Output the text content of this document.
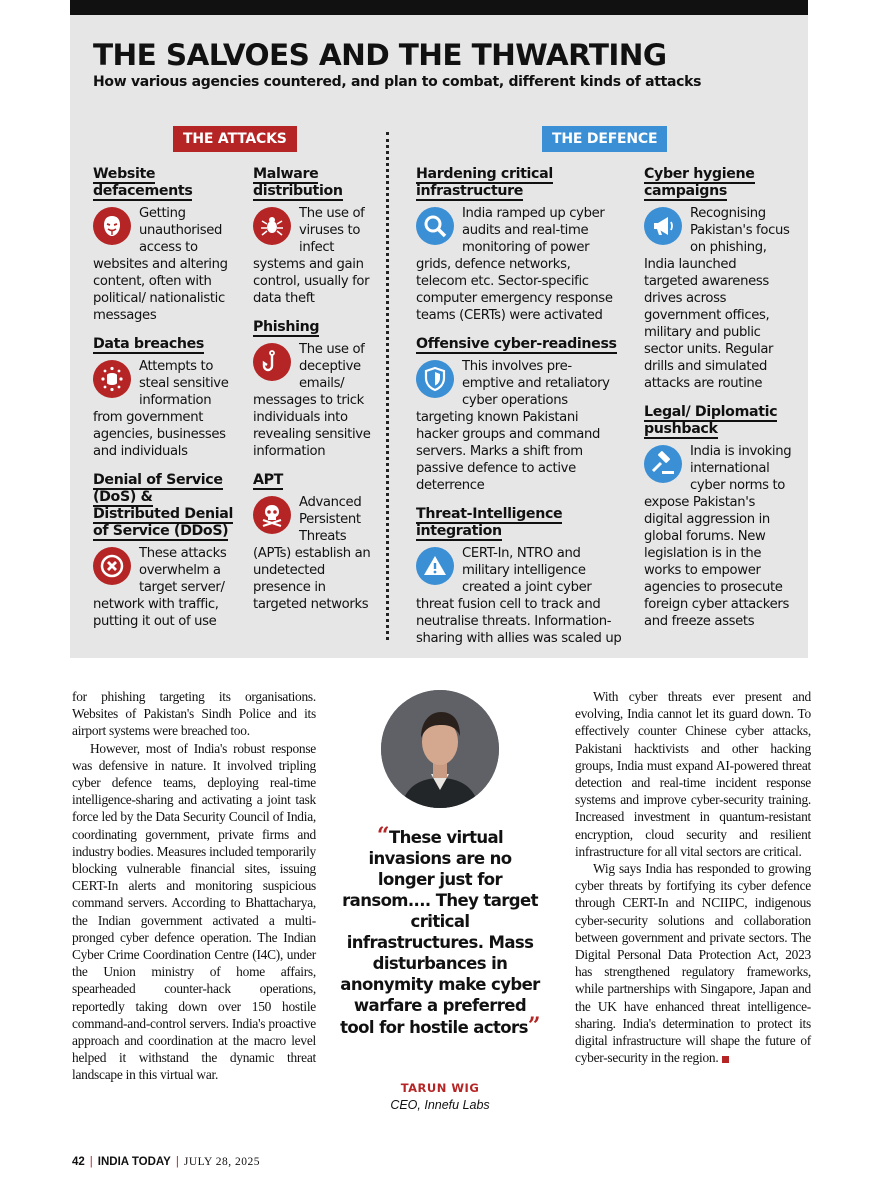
THE SALVOES AND THE THWARTING
How various agencies countered, and plan to combat, different kinds of attacks
THE ATTACKS	THE DEFENCE
Website defacements

Getting unauthorised access to websites and altering content, often with political/ nationalistic messages

Data breaches

Attempts to steal sensitive information from government agencies, businesses and individuals

Denial of Service (DoS) & Distributed Denial of Service (DDoS)

These attacks overwhelm a target server/ network with traffic, putting it out of use

Malware distribution

The use of viruses to infect systems and gain control, usually for data theft

Phishing

The use of deceptive emails/ messages to trick individuals into revealing sensitive information

APT

Advanced Persistent Threats (APTs) establish an undetected presence in targeted networks

Hardening critical infrastructure

India ramped up cyber audits and real-time monitoring of power grids, defence networks, telecom etc. Sector-specific computer emergency response teams (CERTs) were activated

Offensive cyber-readiness

This involves pre-emptive and retaliatory cyber operations targeting known Pakistani hacker groups and command servers. Marks a shift from passive defence to active deterrence

Threat-Intelligence integration

CERT-In, NTRO and military intelligence created a joint cyber threat fusion cell to track and neutralise threats. Information-sharing with allies was scaled up

Cyber hygiene campaigns

Recognising Pakistan's focus on phishing, India launched targeted awareness drives across government offices, military and public sector units. Regular drills and simulated attacks are routine

Legal/ Diplomatic pushback

India is invoking international cyber norms to expose Pakistan's digital aggression in global forums. New legislation is in the works to empower agencies to prosecute foreign cyber attackers and freeze assets

for phishing targeting its organisations. Websites of Pakistan's Sindh Police and its airport systems were breached too.

However, most of India's robust response was defensive in nature. It involved tripling cyber defence teams, deploying real-time intelligence-sharing and activating a joint task force led by the Data Security Council of India, coordinating government, private firms and industry bodies. Measures included temporarily blocking vulnerable financial sites, issuing CERT-In alerts and monitoring suspicious command servers. According to Bhattacharya, the Indian government activated a multi-pronged cyber defence operation. The Indian Cyber Crime Coordination Centre (I4C), under the Union ministry of home affairs, spearheaded counter-hack operations, reportedly taking down over 150 hostile command-and-control servers. India's proactive approach and coordination at the macro level helped it withstand the dynamic threat landscape in this virtual war.

With cyber threats ever present and evolving, India cannot let its guard down. To effectively counter Chinese cyber attacks, Pakistani hacktivists and other hacking groups, India must expand AI-powered threat detection and real-time incident response systems and improve cyber-security training. Increased investment in quantum-resistant encryption, cloud security and resilient infrastructure for all vital sectors are critical.

Wig says India has responded to growing cyber threats by fortifying its cyber defence through CERT-In and NCIIPC, indigenous cyber-security solutions and collaboration between government and private sectors. The Digital Personal Data Protection Act, 2023 has strengthened regulatory frameworks, while partnerships with Singapore, Japan and the UK have enhanced threat intelligence-sharing. India's determination to protect its digital infrastructure will shape the future of cyber-security in the region.

“These virtual invasions are no longer just for ransom.... They target critical infrastructures. Mass disturbances in anonymity make cyber warfare a preferred tool for hostile actors”
TARUN WIG
CEO, Innefu Labs
42 | INDIA TODAY | JULY 28, 2025
